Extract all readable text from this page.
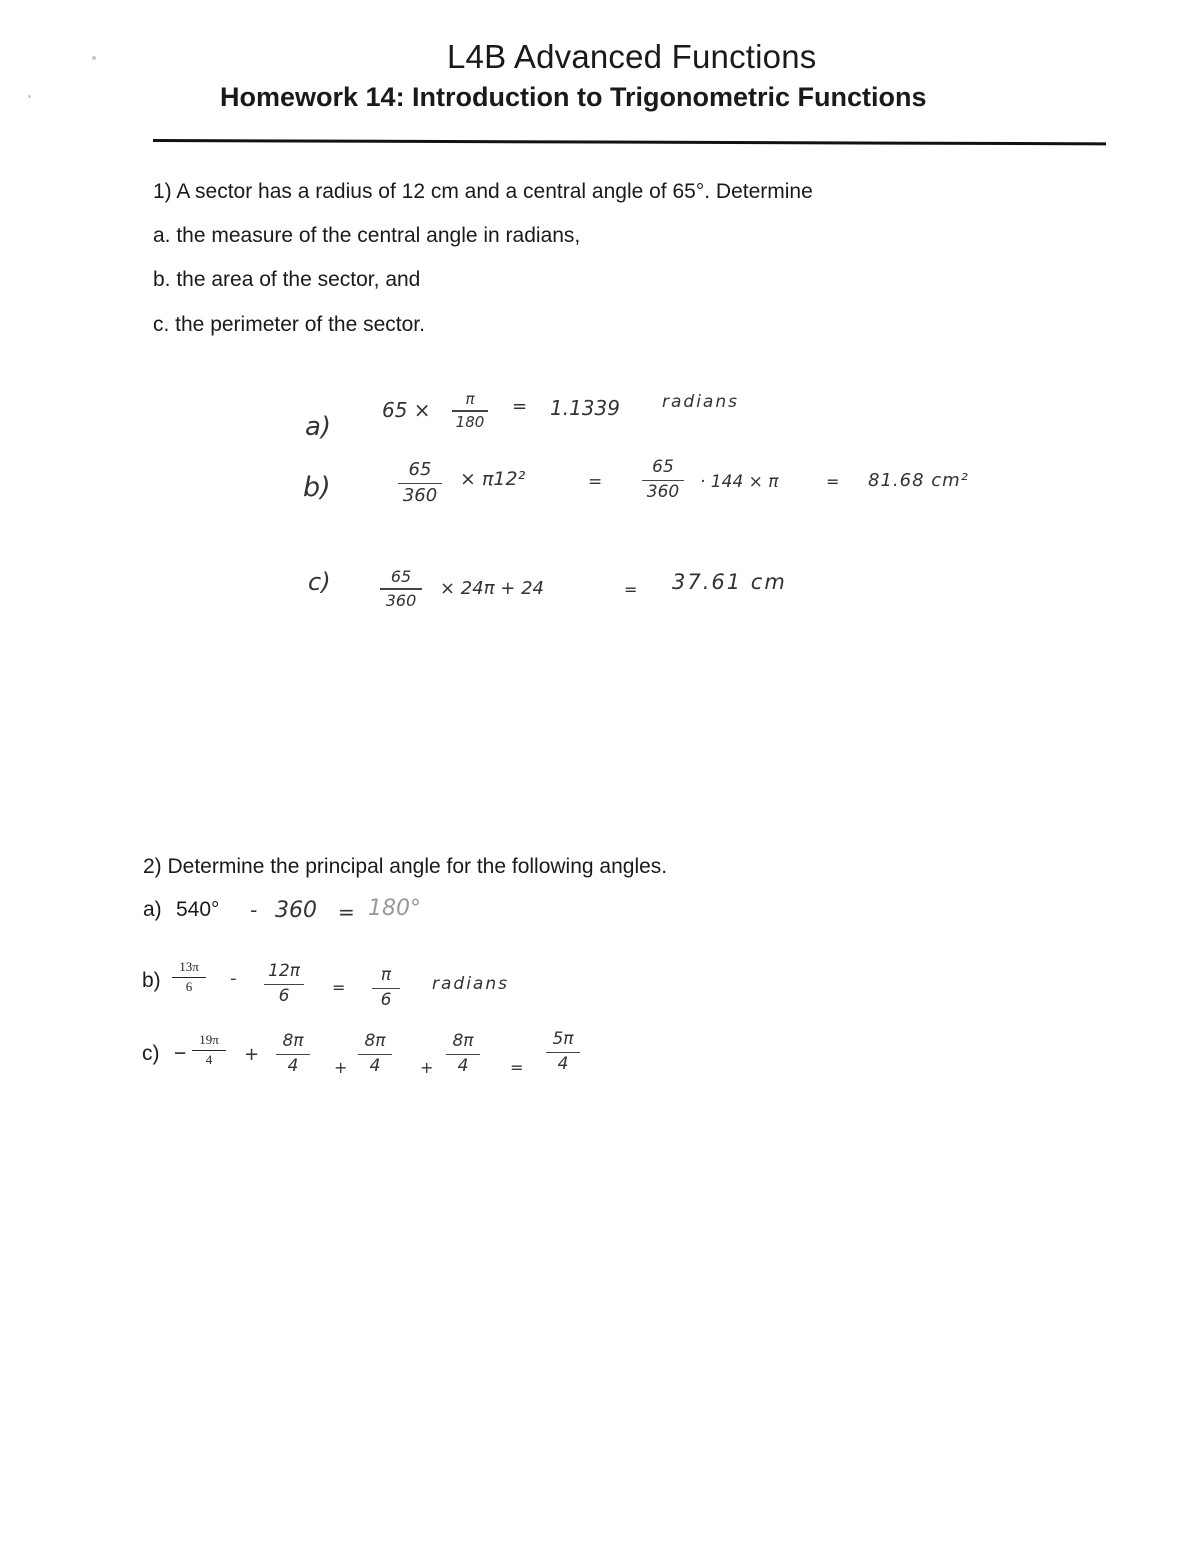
L4B Advanced Functions
Homework 14: Introduction to Trigonometric Functions
1) A sector has a radius of 12 cm and a central angle of 65°. Determine
a. the measure of the central angle in radians,
b. the area of the sector, and
c. the perimeter of the sector.
a)
65 ×	π
180
= 1.1339 radians
b)
65
360
× π12²	=
65
360 · 144 × π	= 81.68 cm²
c)	65
360
× 24π + 24	= 37.61 cm
2) Determine the principal angle for the following angles.
a) 540° - 360 = 180°
b)
13π
6	- 12π
6	=
π
6
radians
c) −
19π
4	+
8π
4	+
8π
4	+
8π
4	=
5π
4
